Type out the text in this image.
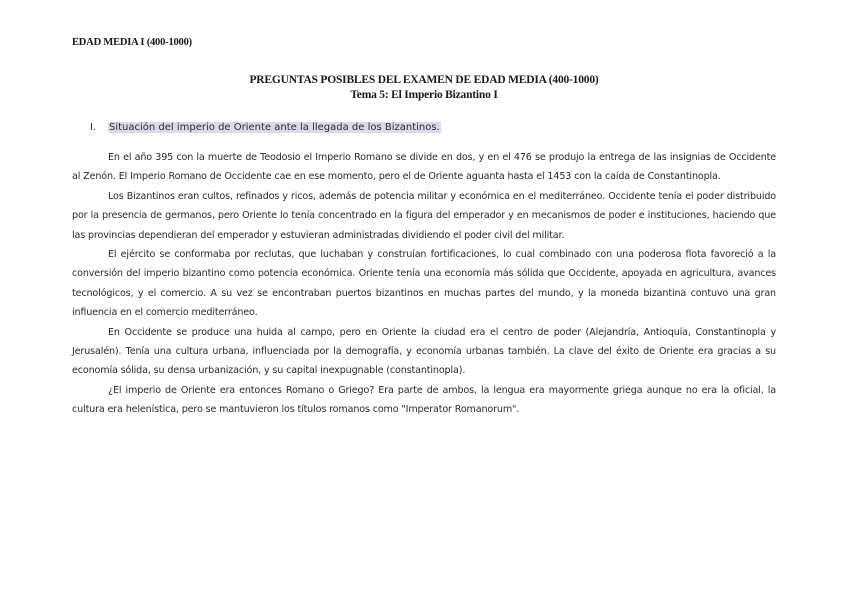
EDAD MEDIA I (400-1000)
PREGUNTAS POSIBLES DEL EXAMEN DE EDAD MEDIA (400-1000)
Tema 5: El Imperio Bizantino I
I. Situación del imperio de Oriente ante la llegada de los Bizantinos.

En el año 395 con la muerte de Teodosio el Imperio Romano se divide en dos, y en el 476 se produjo la entrega de las insignias de Occidente al Zenón. El Imperio Romano de Occidente cae en ese momento, pero el de Oriente aguanta hasta el 1453 con la caída de Constantinopla.

Los Bizantinos eran cultos, refinados y ricos, además de potencia militar y económica en el mediterráneo. Occidente tenía el poder distribuido por la presencia de germanos, pero Oriente lo tenía concentrado en la figura del emperador y en mecanismos de poder e instituciones, haciendo que las provincias dependieran del emperador y estuvieran administradas dividiendo el poder civil del militar.

El ejército se conformaba por reclutas, que luchaban y construían fortificaciones, lo cual combinado con una poderosa flota favoreció a la conversión del imperio bizantino como potencia económica. Oriente tenía una economía más sólida que Occidente, apoyada en agricultura, avances tecnológicos, y el comercio. A su vez se encontraban puertos bizantinos en muchas partes del mundo, y la moneda bizantina contuvo una gran influencia en el comercio mediterráneo.

En Occidente se produce una huida al campo, pero en Oriente la ciudad era el centro de poder (Alejandría, Antioquía, Constantinopla y Jerusalén). Tenía una cultura urbana, influenciada por la demografía, y economía urbanas también. La clave del éxito de Oriente era gracias a su economía sólida, su densa urbanización, y su capital inexpugnable (constantinopla).

¿El imperio de Oriente era entonces Romano o Griego? Era parte de ambos, la lengua era mayormente griega aunque no era la oficial, la cultura era helenística, pero se mantuvieron los títulos romanos como "Imperator Romanorum".
